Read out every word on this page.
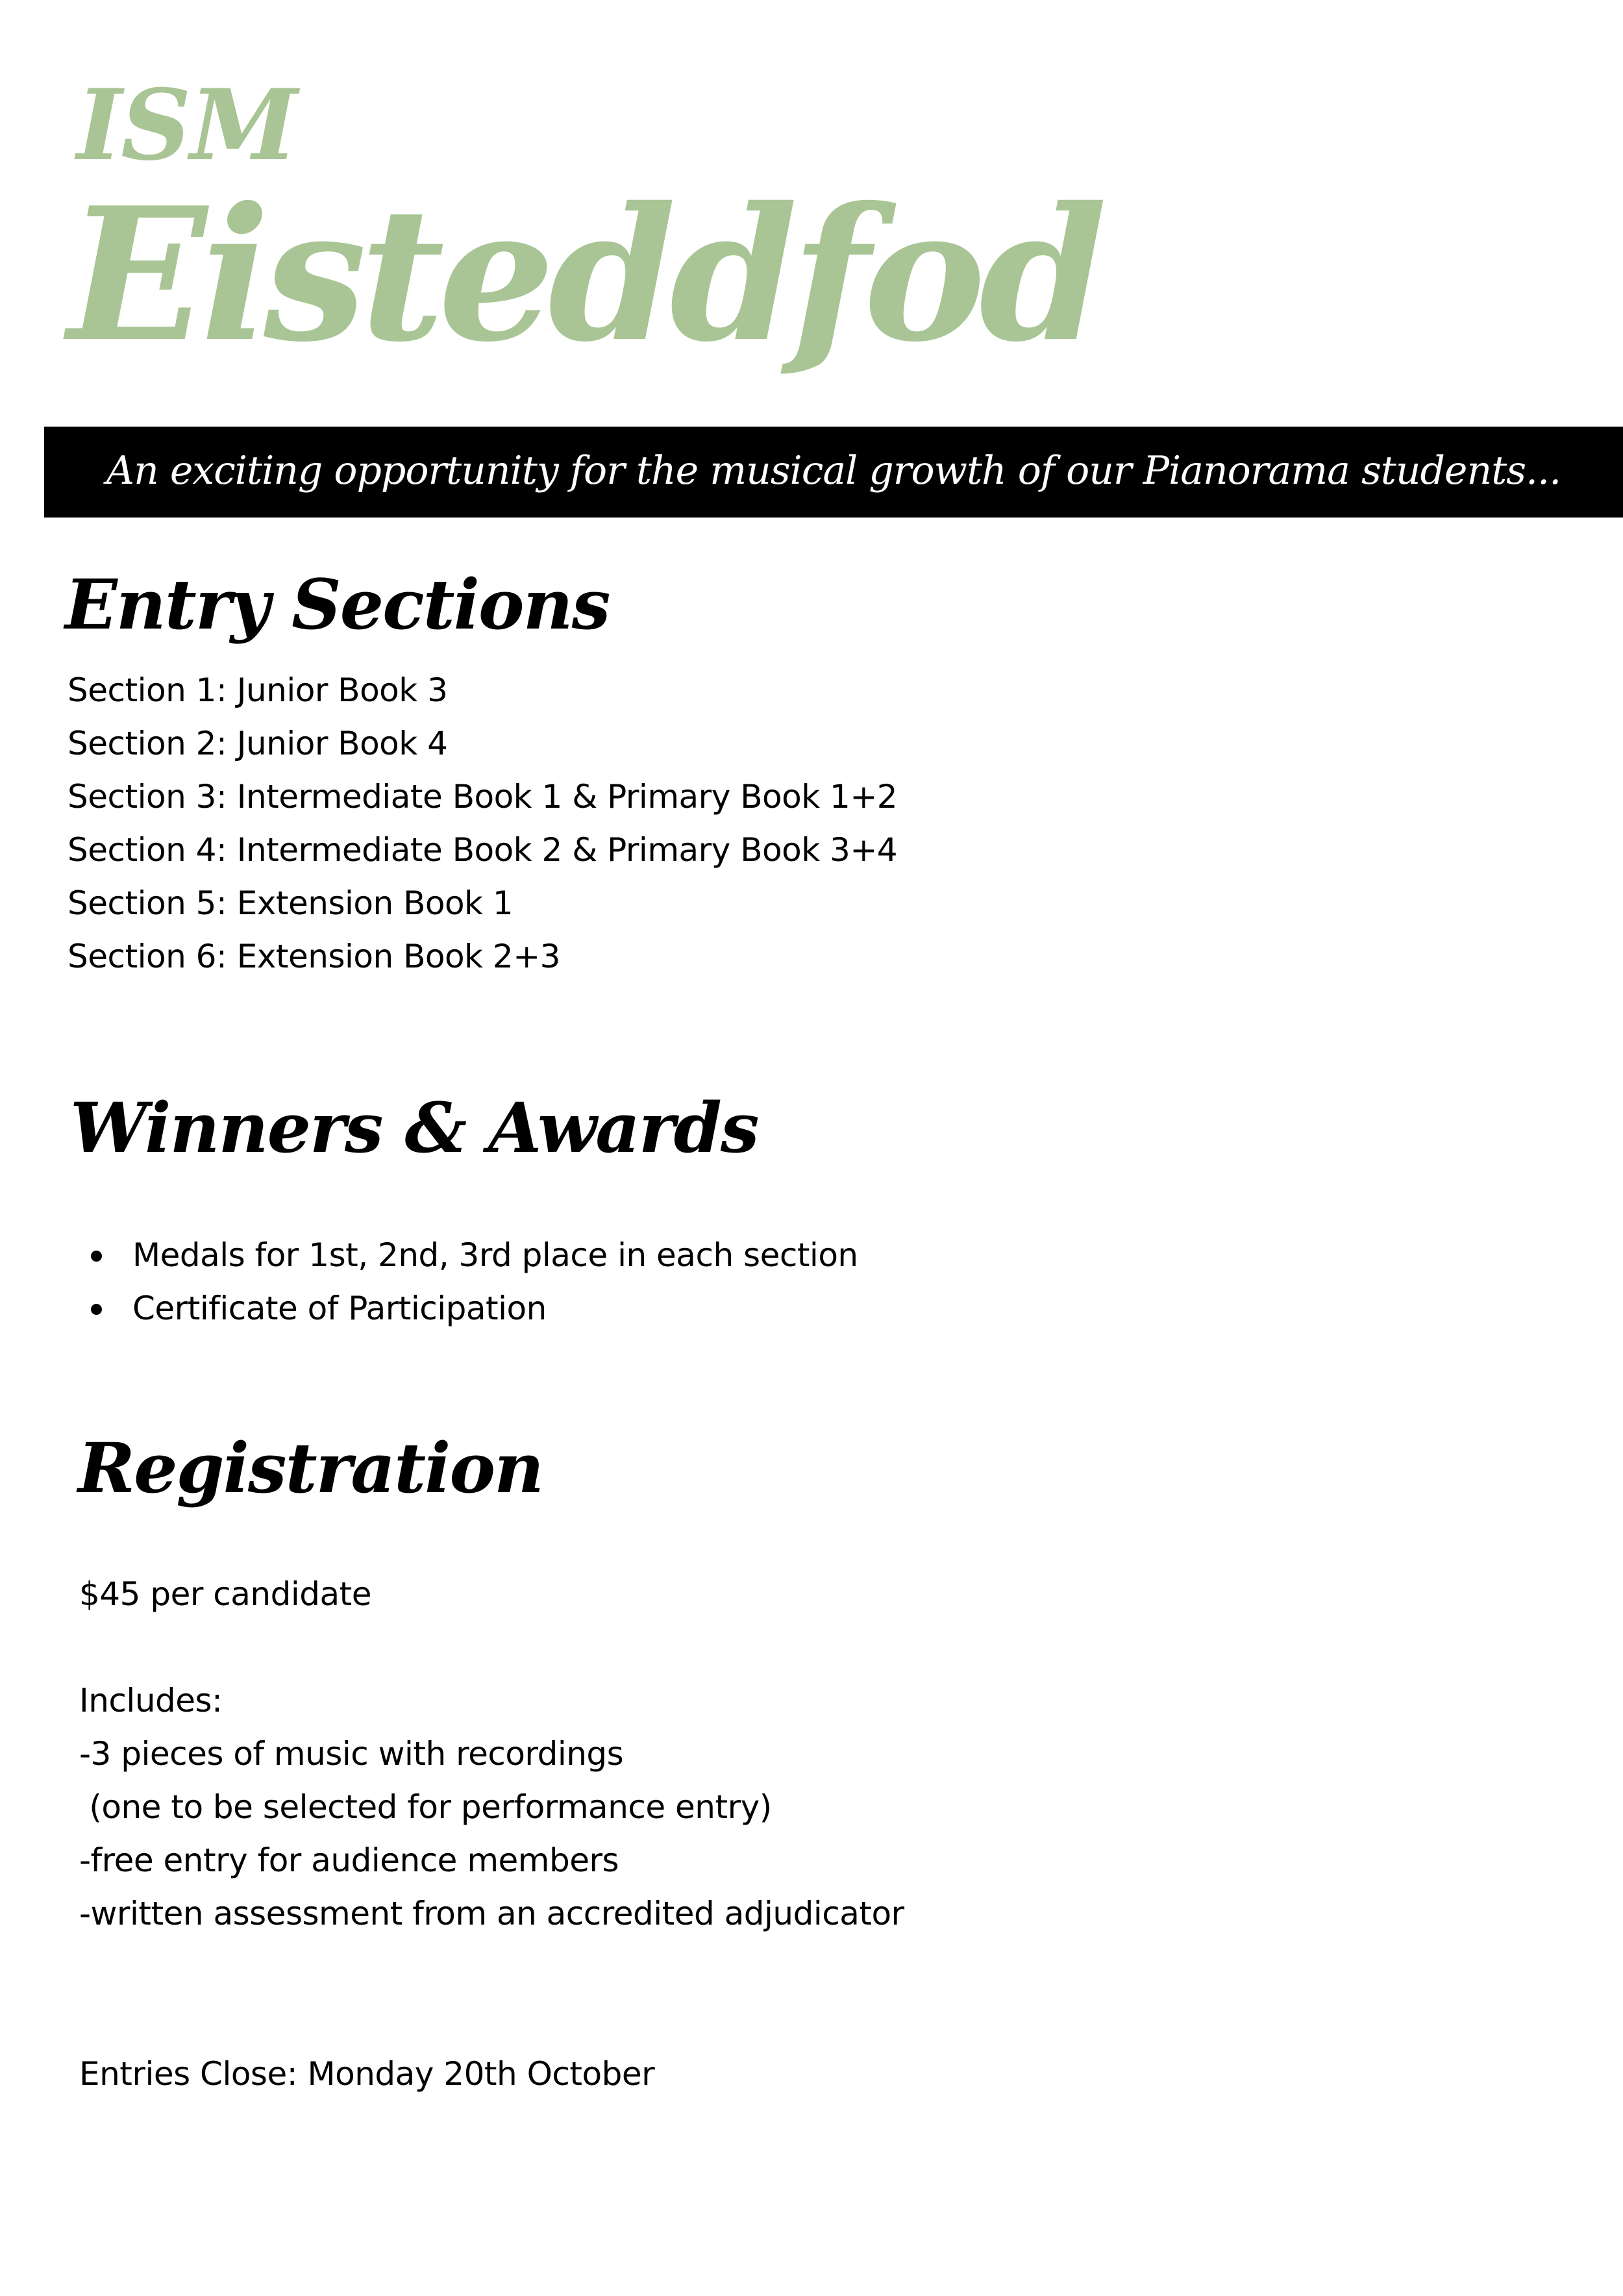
ISM
Eisteddfod
An exciting opportunity for the musical growth of our Pianorama students...
Entry Sections
Section 1: Junior Book 3
Section 2: Junior Book 4
Section 3: Intermediate Book 1 & Primary Book 1+2
Section 4: Intermediate Book 2 & Primary Book 3+4
Section 5: Extension Book 1
Section 6: Extension Book 2+3
Winners & Awards
Medals for 1st, 2nd, 3rd place in each section
Certificate of Participation
Registration
$45 per candidate
Includes:
-3 pieces of music with recordings
(one to be selected for performance entry)
-free entry for audience members
-written assessment from an accredited adjudicator
Entries Close: Monday 20th October
